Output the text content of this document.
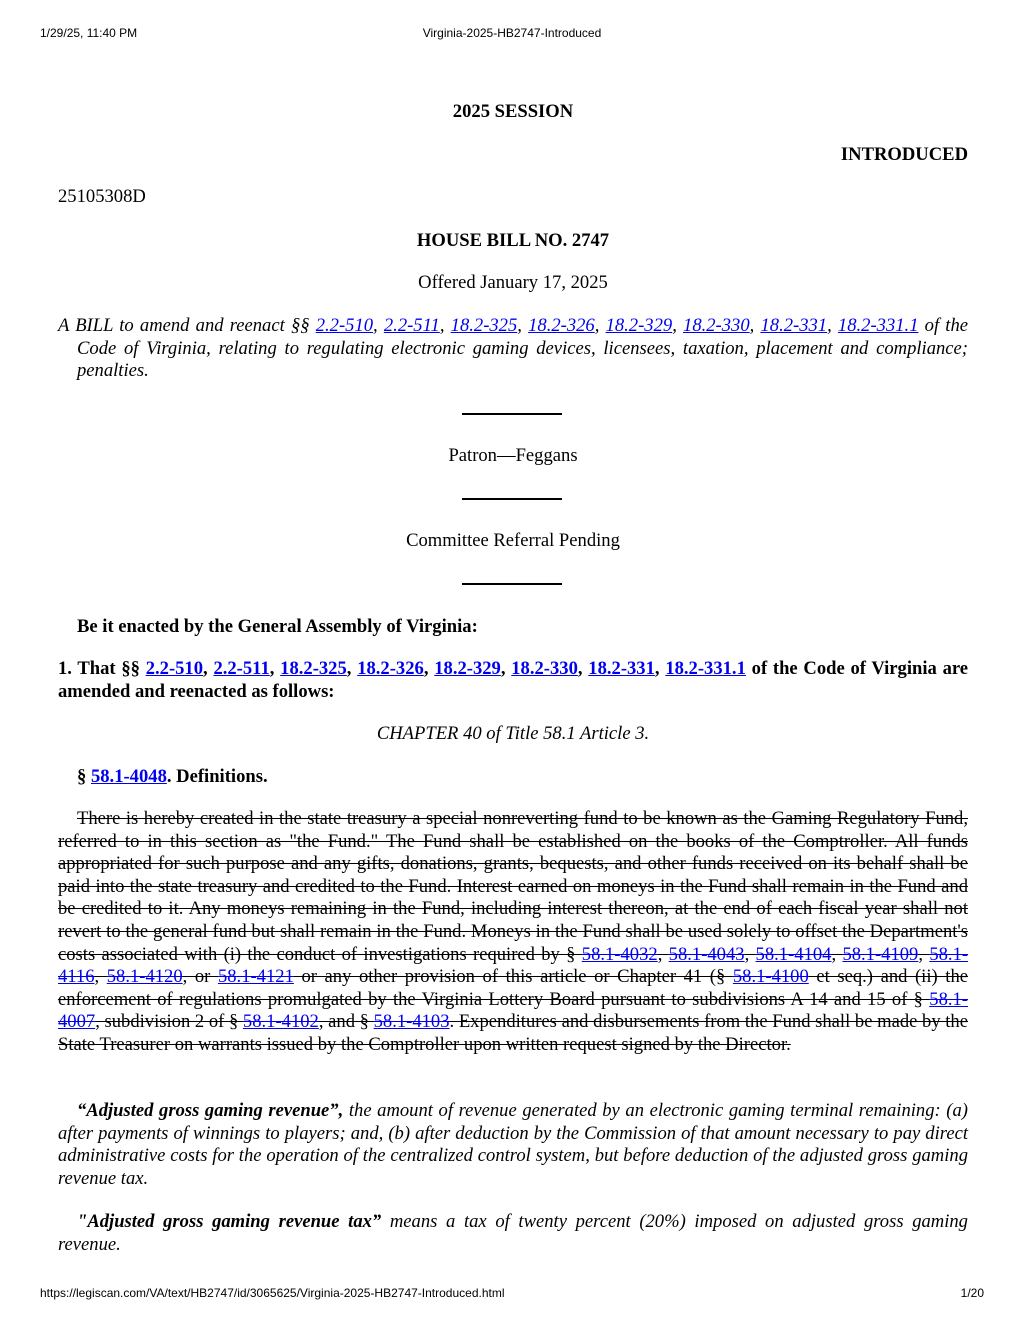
1/29/25, 11:40 PM	Virginia-2025-HB2747-Introduced
2025 SESSION
INTRODUCED
25105308D
HOUSE BILL NO. 2747
Offered January 17, 2025
A BILL to amend and reenact §§ 2.2-510, 2.2-511, 18.2-325, 18.2-326, 18.2-329, 18.2-330, 18.2-331, 18.2-331.1 of the Code of Virginia, relating to regulating electronic gaming devices, licensees, taxation, placement and compliance; penalties.
Patron—Feggans
Committee Referral Pending
Be it enacted by the General Assembly of Virginia:
1. That §§ 2.2-510, 2.2-511, 18.2-325, 18.2-326, 18.2-329, 18.2-330, 18.2-331, 18.2-331.1 of the Code of Virginia are amended and reenacted as follows:
CHAPTER 40 of Title 58.1 Article 3.
§ 58.1-4048. Definitions.
There is hereby created in the state treasury a special nonreverting fund to be known as the Gaming Regulatory Fund, referred to in this section as "the Fund." The Fund shall be established on the books of the Comptroller. All funds appropriated for such purpose and any gifts, donations, grants, bequests, and other funds received on its behalf shall be paid into the state treasury and credited to the Fund. Interest earned on moneys in the Fund shall remain in the Fund and be credited to it. Any moneys remaining in the Fund, including interest thereon, at the end of each fiscal year shall not revert to the general fund but shall remain in the Fund. Moneys in the Fund shall be used solely to offset the Department's costs associated with (i) the conduct of investigations required by § 58.1-4032, 58.1-4043, 58.1-4104, 58.1-4109, 58.1-4116, 58.1-4120, or 58.1-4121 or any other provision of this article or Chapter 41 (§ 58.1-4100 et seq.) and (ii) the enforcement of regulations promulgated by the Virginia Lottery Board pursuant to subdivisions A 14 and 15 of § 58.1-4007, subdivision 2 of § 58.1-4102, and § 58.1-4103. Expenditures and disbursements from the Fund shall be made by the State Treasurer on warrants issued by the Comptroller upon written request signed by the Director.
“Adjusted gross gaming revenue”, the amount of revenue generated by an electronic gaming terminal remaining: (a) after payments of winnings to players; and, (b) after deduction by the Commission of that amount necessary to pay direct administrative costs for the operation of the centralized control system, but before deduction of the adjusted gross gaming revenue tax.
"Adjusted gross gaming revenue tax” means a tax of twenty percent (20%) imposed on adjusted gross gaming revenue.
https://legiscan.com/VA/text/HB2747/id/3065625/Virginia-2025-HB2747-Introduced.html	1/20
